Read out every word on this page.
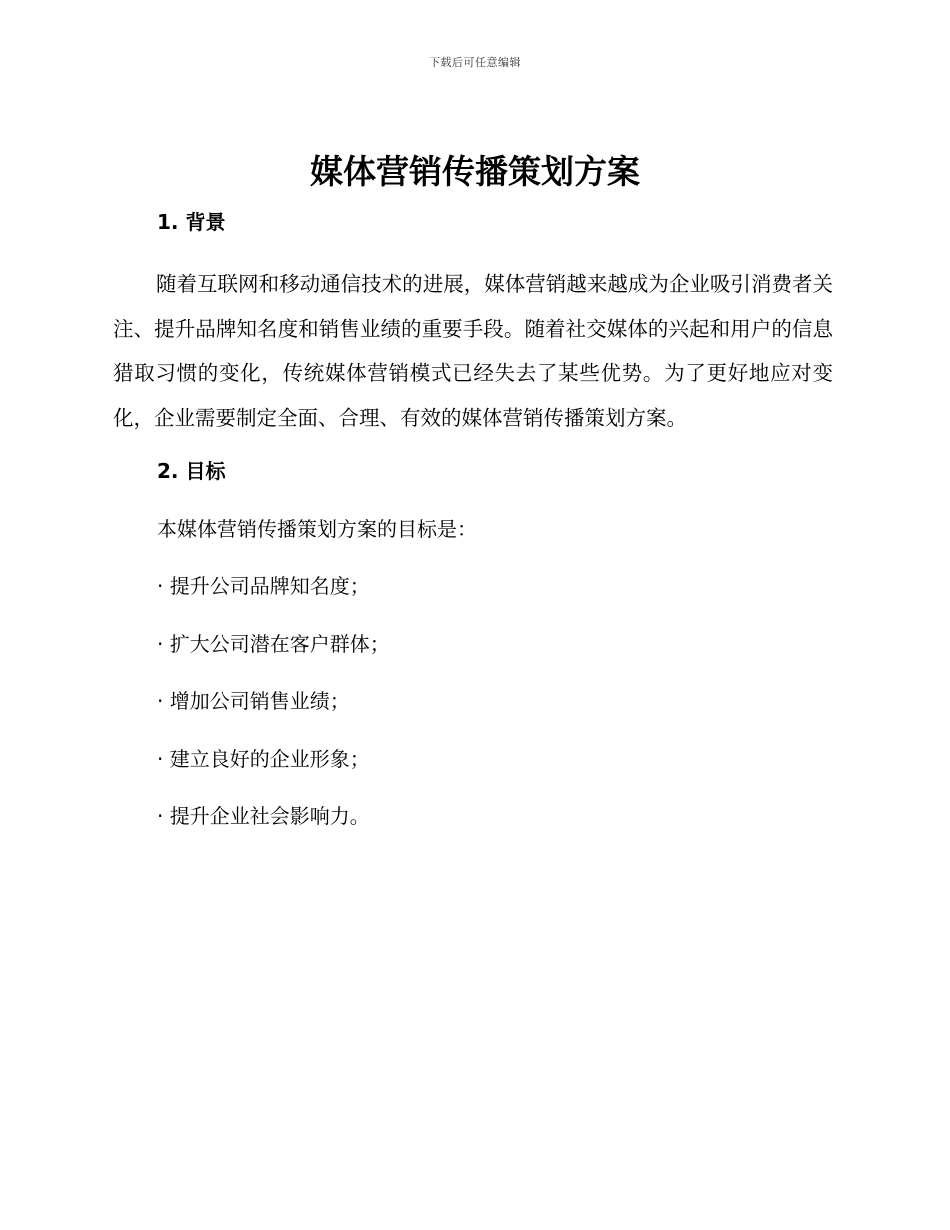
下载后可任意编辑
媒体营销传播策划方案
1. 背景

随着互联网和移动通信技术的进展，媒体营销越来越成为企业吸引消费者关注、提升品牌知名度和销售业绩的重要手段。随着社交媒体的兴起和用户的信息猎取习惯的变化，传统媒体营销模式已经失去了某些优势。为了更好地应对变化，企业需要制定全面、合理、有效的媒体营销传播策划方案。

2. 目标

本媒体营销传播策划方案的目标是：

· 提升公司品牌知名度；
· 扩大公司潜在客户群体；
· 增加公司销售业绩；
· 建立良好的企业形象；
· 提升企业社会影响力。
